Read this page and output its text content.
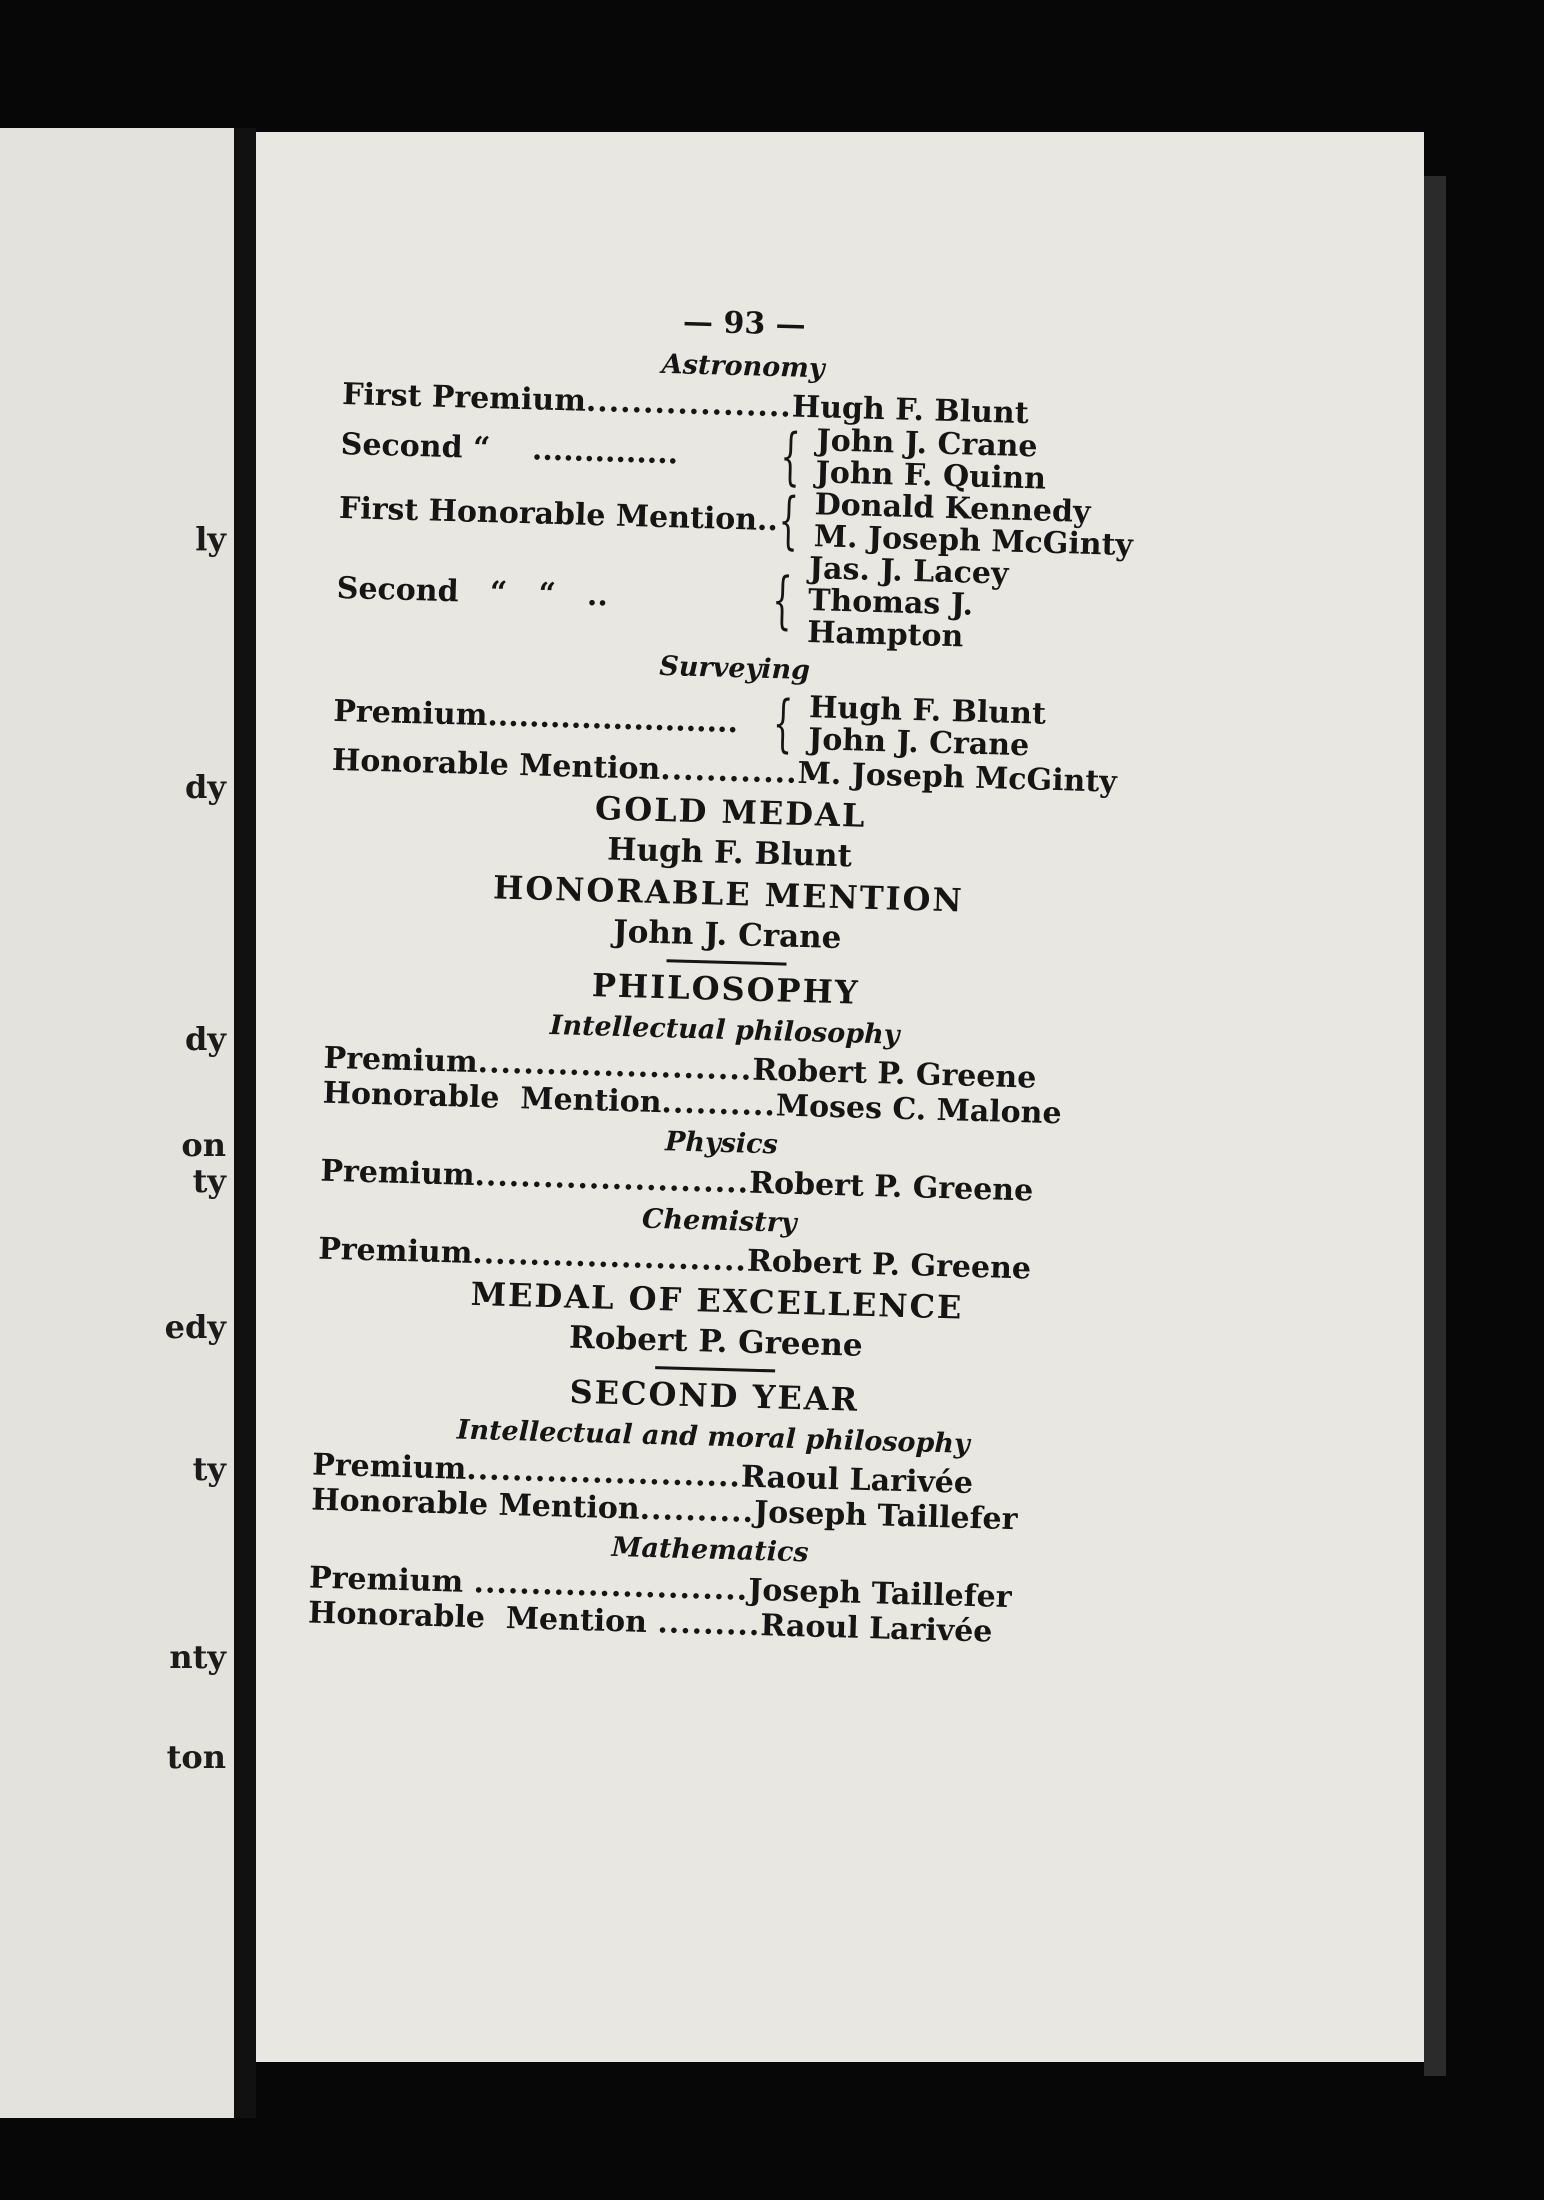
ly
dy
dy
on
ty
edy
ty
nty
ton
— 93 —
Astronomy
First Premium .................. Hugh F. Blunt
Second “ ..............	{ John J. Crane
John F. Quinn
First Honorable Mention.. { Donald Kennedy
M. Joseph McGinty
Second   “   “   ..	{ Jas. J. Lacey
Thomas J. Hampton
Surveying
Premium........................ { Hugh F. Blunt
John J. Crane
Honorable Mention ............ M. Joseph McGinty
GOLD MEDAL
Hugh F. Blunt
HONORABLE MENTION
John J. Crane
PHILOSOPHY
Intellectual philosophy
Premium ........................ Robert P. Greene
Honorable  Mention .......... Moses C. Malone
Physics
Premium ........................ Robert P. Greene
Chemistry
Premium ........................ Robert P. Greene
MEDAL OF EXCELLENCE
Robert P. Greene
SECOND YEAR
Intellectual and moral philosophy
Premium ........................ Raoul Larivée
Honorable Mention .......... Joseph Taillefer
Mathematics
Premium ........................ Joseph Taillefer
Honorable  Mention ......... Raoul Larivée
